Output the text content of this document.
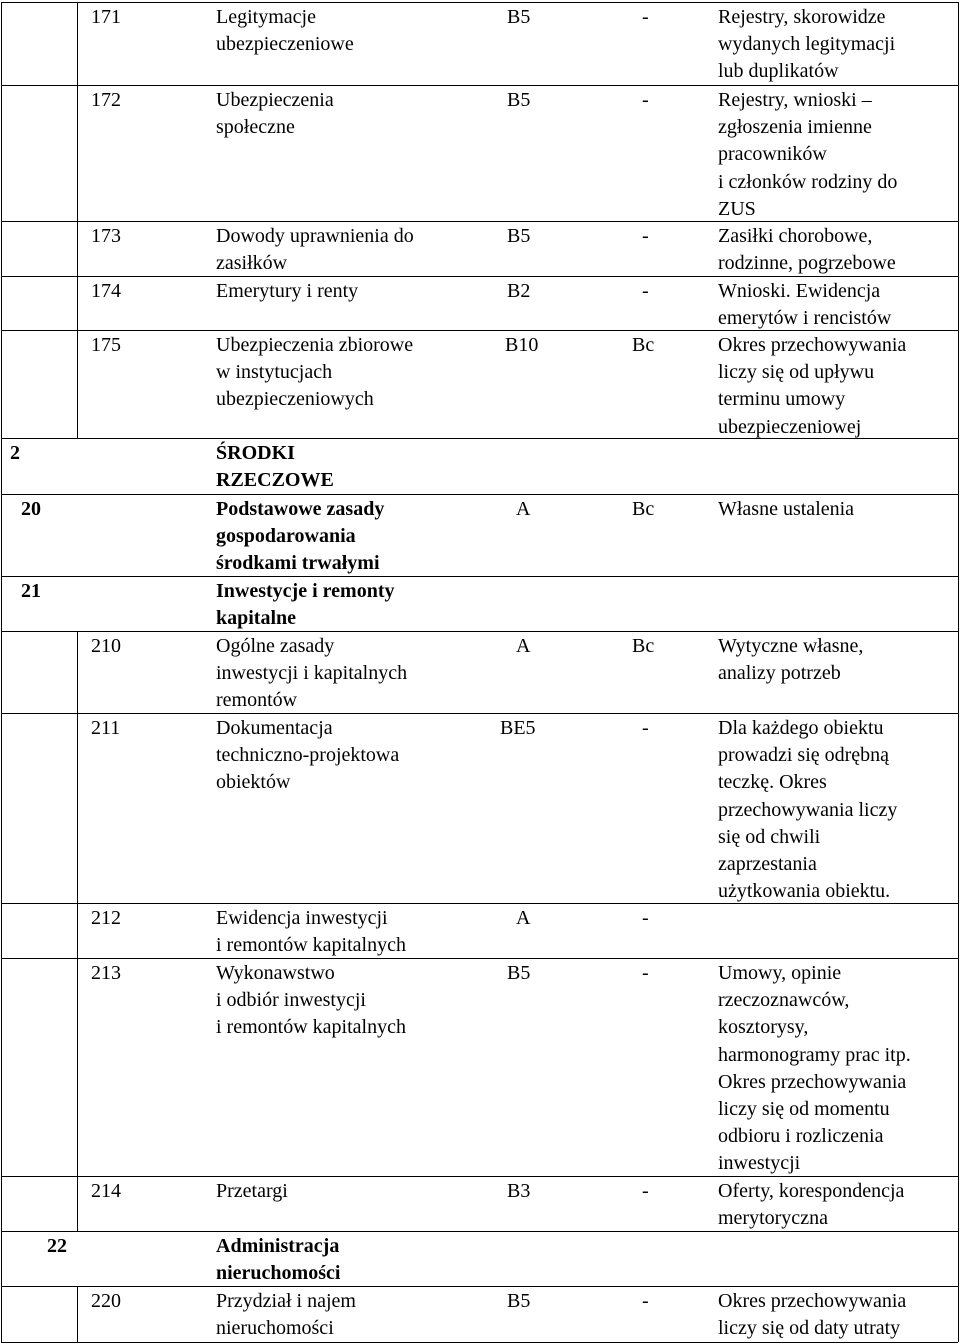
171	Legitymacje
ubezpieczeniowe
B5	-	Rejestry, skorowidze
wydanych legitymacji
lub duplikatów
172	Ubezpieczenia
społeczne
B5	-	Rejestry, wnioski –
zgłoszenia imienne
pracowników
i członków rodziny do
ZUS
173	Dowody uprawnienia do
zasiłków
B5	-	Zasiłki chorobowe,
rodzinne, pogrzebowe
174	Emerytury i renty	B2	-	Wnioski. Ewidencja
emerytów i rencistów
175	Ubezpieczenia zbiorowe
w instytucjach
ubezpieczeniowych
B10	Bc	Okres przechowywania
liczy się od upływu
terminu umowy
ubezpieczeniowej
2	ŚRODKI
RZECZOWE
20	Podstawowe zasady
gospodarowania
środkami trwałymi
A	Bc	Własne ustalenia
21	Inwestycje i remonty
kapitalne
210	Ogólne zasady
inwestycji i kapitalnych
remontów
A	Bc	Wytyczne własne,
analizy potrzeb
211	Dokumentacja
techniczno-projektowa
obiektów
BE5	-	Dla każdego obiektu
prowadzi się odrębną
teczkę. Okres
przechowywania liczy
się od chwili
zaprzestania
użytkowania obiektu.
212	Ewidencja inwestycji
i remontów kapitalnych
A	-
213	Wykonawstwo
i odbiór inwestycji
i remontów kapitalnych
B5	-	Umowy, opinie
rzeczoznawców,
kosztorysy,
harmonogramy prac itp.
Okres przechowywania
liczy się od momentu
odbioru i rozliczenia
inwestycji
214	Przetargi	B3	-	Oferty, korespondencja
merytoryczna
22	Administracja
nieruchomości
220	Przydział i najem
nieruchomości
B5	-	Okres przechowywania
liczy się od daty utraty
